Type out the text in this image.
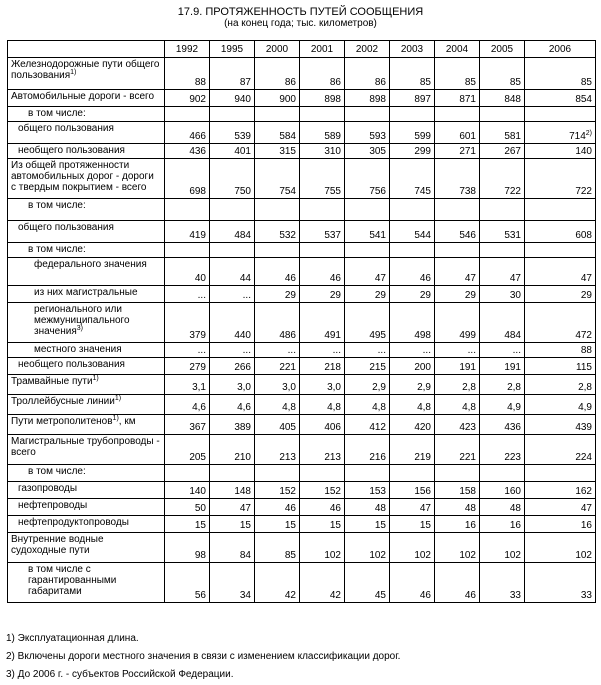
17.9. ПРОТЯЖЕННОСТЬ ПУТЕЙ СООБЩЕНИЯ
(на конец года; тыс. километров)
	1992	1995	2000	2001	2002	2003	2004	2005	2006
Железнодорожные пути общего пользования$^{1)}$	88	87	86	86	86	85	85	85	85
Автомобильные дороги - всего	902	940	900	898	898	897	871	848	854
в том числе:									
общего пользования	466	539	584	589	593	599	601	581	714$^{2)}$
необщего пользования	436	401	315	310	305	299	271	267	140
Из общей протяженности автомобильных дорог - дороги с твердым покрытием - всего	698	750	754	755	756	745	738	722	722
в том числе:									
общего пользования	419	484	532	537	541	544	546	531	608
в том числе:									
федерального значения	40	44	46	46	47	46	47	47	47
из них магистральные	...	...	29	29	29	29	29	30	29
регионального или межмуниципального значения$^{3)}$	379	440	486	491	495	498	499	484	472
местного значения	...	...	...	...	...	...	...	...	88
необщего пользования	279	266	221	218	215	200	191	191	115
Трамвайные пути$^{1)}$	3,1	3,0	3,0	3,0	2,9	2,9	2,8	2,8	2,8
Троллейбусные линии$^{1)}$	4,6	4,6	4,8	4,8	4,8	4,8	4,8	4,9	4,9
Пути метрополитенов$^{1)}$, км	367	389	405	406	412	420	423	436	439
Магистральные трубопроводы - всего	205	210	213	213	216	219	221	223	224
в том числе:									
газопроводы	140	148	152	152	153	156	158	160	162
нефтепроводы	50	47	46	46	48	47	48	48	47
нефтепродуктопроводы	15	15	15	15	15	15	16	16	16
Внутренние водные судоходные пути	98	84	85	102	102	102	102	102	102
в том числе с гарантированными габаритами	56	34	42	42	45	46	46	33	33
1) Эксплуатационная длина.
2) Включены дороги местного значения в связи с изменением классификации дорог.
3) До 2006 г. - субъектов Российской Федерации.
